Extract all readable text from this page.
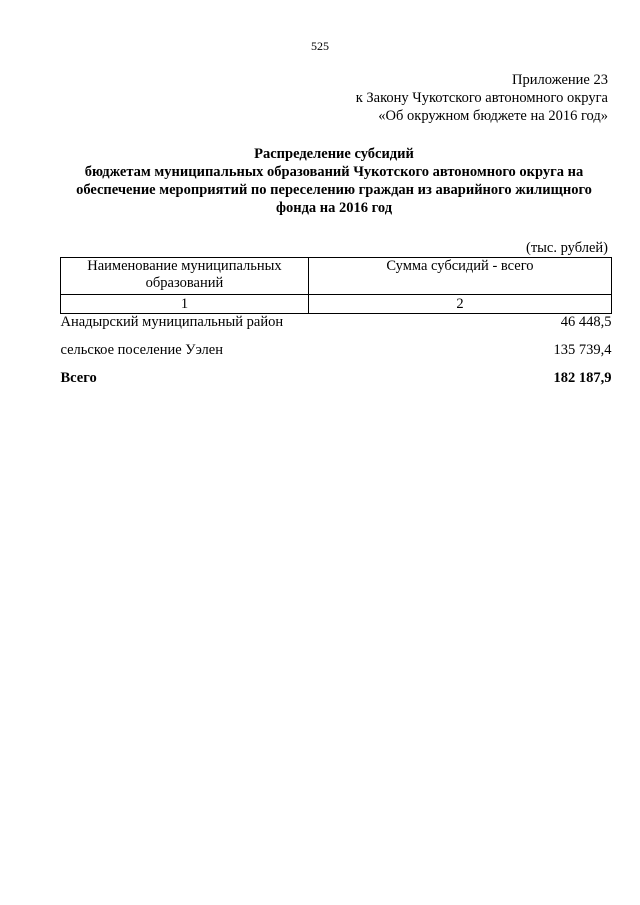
525
Приложение 23
к Закону Чукотского автономного округа
«Об окружном бюджете на 2016 год»
Распределение субсидий
бюджетам муниципальных образований Чукотского автономного округа на
обеспечение мероприятий по переселению граждан из аварийного жилищного
фонда на 2016 год
(тыс. рублей)
Наименование муниципальных
образований	Сумма субсидий - всего
1	2
Анадырский муниципальный район	46 448,5
сельское поселение Уэлен	135 739,4
Всего	182 187,9
